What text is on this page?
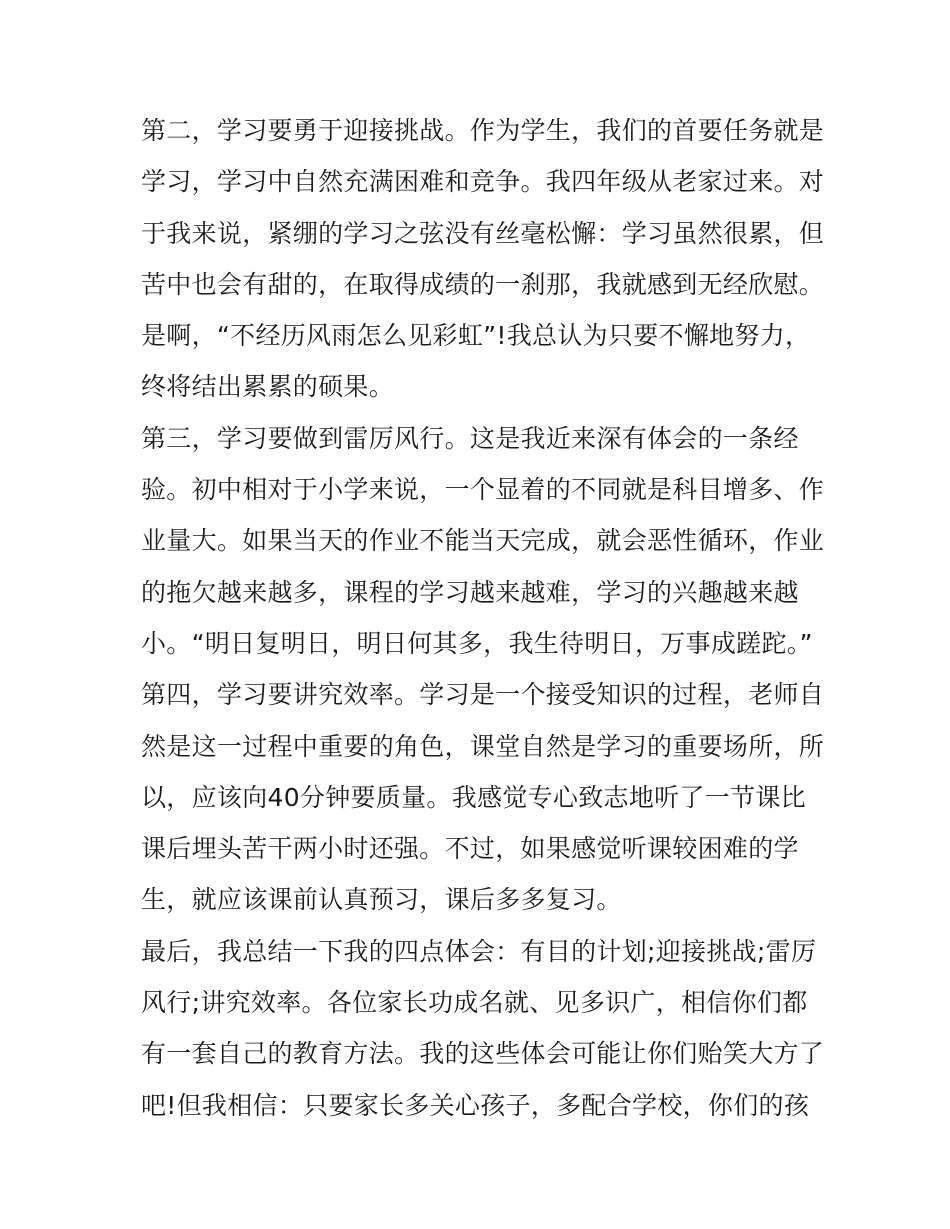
第二，学习要勇于迎接挑战。作为学生，我们的首要任务就是
学习，学习中自然充满困难和竞争。我四年级从老家过来。对
于我来说，紧绷的学习之弦没有丝毫松懈：学习虽然很累，但
苦中也会有甜的，在取得成绩的一刹那，我就感到无经欣慰。
是啊，“不经历风雨怎么见彩虹”!我总认为只要不懈地努力，
终将结出累累的硕果。
第三，学习要做到雷厉风行。这是我近来深有体会的一条经
验。初中相对于小学来说，一个显着的不同就是科目增多、作
业量大。如果当天的作业不能当天完成，就会恶性循环，作业
的拖欠越来越多，课程的学习越来越难，学习的兴趣越来越
小。“明日复明日，明日何其多，我生待明日，万事成蹉跎。”
第四，学习要讲究效率。学习是一个接受知识的过程，老师自
然是这一过程中重要的角色，课堂自然是学习的重要场所，所
以，应该向40分钟要质量。我感觉专心致志地听了一节课比
课后埋头苦干两小时还强。不过，如果感觉听课较困难的学
生，就应该课前认真预习，课后多多复习。
最后，我总结一下我的四点体会：有目的计划;迎接挑战;雷厉
风行;讲究效率。各位家长功成名就、见多识广，相信你们都
有一套自己的教育方法。我的这些体会可能让你们贻笑大方了
吧!但我相信：只要家长多关心孩子，多配合学校，你们的孩
